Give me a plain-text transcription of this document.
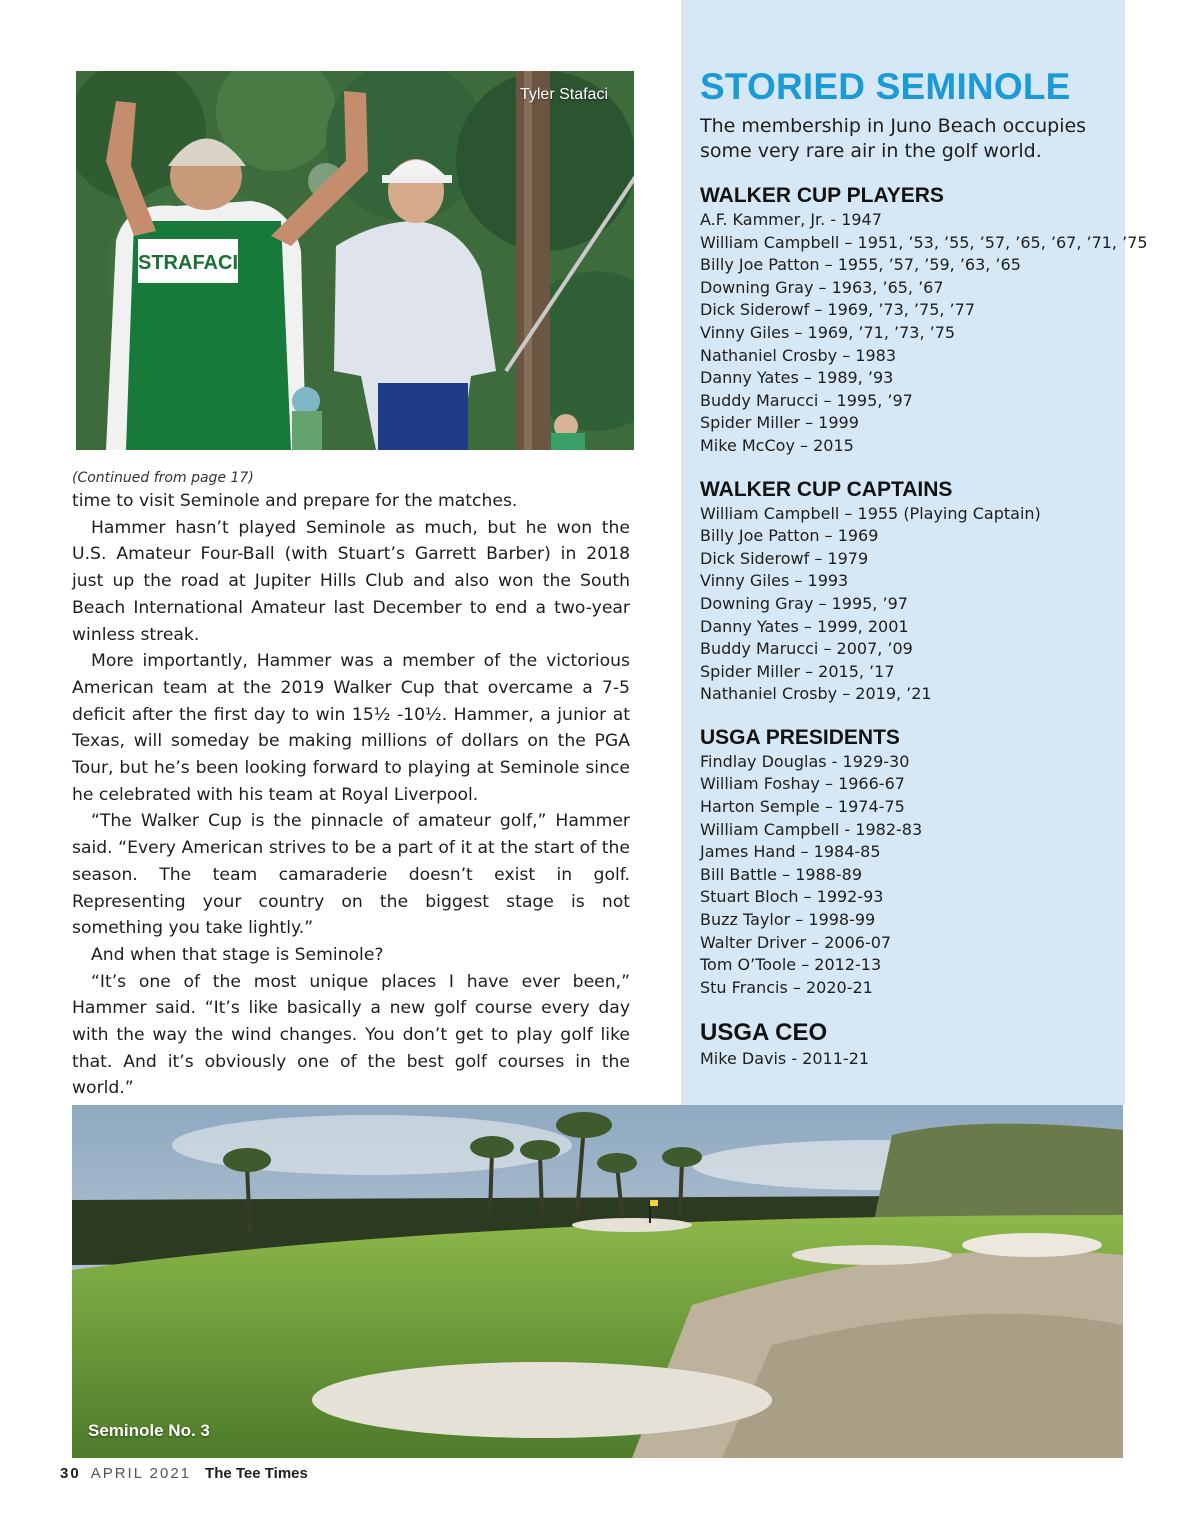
STORIED SEMINOLE

The membership in Juno Beach occupies some very rare air in the golf world.

WALKER CUP PLAYERS
A.F. Kammer, Jr. - 1947
William Campbell – 1951, ’53, ’55, ’57, ’65, ’67, ’71, ’75
Billy Joe Patton – 1955, ’57, ’59, ’63, ’65
Downing Gray – 1963, ’65, ’67
Dick Siderowf – 1969, ’73, ’75, ’77
Vinny Giles – 1969, ’71, ’73, ’75
Nathaniel Crosby – 1983
Danny Yates – 1989, ’93
Buddy Marucci – 1995, ’97
Spider Miller – 1999
Mike McCoy – 2015
WALKER CUP CAPTAINS
William Campbell – 1955 (Playing Captain)
Billy Joe Patton – 1969
Dick Siderowf – 1979
Vinny Giles – 1993
Downing Gray – 1995, ’97
Danny Yates – 1999, 2001
Buddy Marucci – 2007, ’09
Spider Miller – 2015, ’17
Nathaniel Crosby – 2019, ’21
USGA PRESIDENTS
Findlay Douglas - 1929-30
William Foshay – 1966-67
Harton Semple – 1974-75
William Campbell - 1982-83
James Hand – 1984-85
Bill Battle – 1988-89
Stuart Bloch – 1992-93
Buzz Taylor – 1998-99
Walter Driver – 2006-07
Tom O’Toole – 2012-13
Stu Francis – 2020-21
USGA CEO
Mike Davis - 2011-21
STRAFACI
Tyler Stafaci

(Continued from page 17)

time to visit Seminole and prepare for the matches.

Hammer hasn’t played Seminole as much, but he won the U.S. Amateur Four-Ball (with Stuart’s Garrett Barber) in 2018 just up the road at Jupiter Hills Club and also won the South Beach International Amateur last December to end a two-year winless streak.

More importantly, Hammer was a member of the victorious American team at the 2019 Walker Cup that overcame a 7-5 deficit after the first day to win 15½ -10½. Hammer, a junior at Texas, will someday be making millions of dollars on the PGA Tour, but he’s been looking forward to playing at Seminole since he celebrated with his team at Royal Liverpool.

“The Walker Cup is the pinnacle of amateur golf,” Hammer said. “Every American strives to be a part of it at the start of the season. The team camaraderie doesn’t exist in golf. Representing your country on the biggest stage is not something you take lightly.”

And when that stage is Seminole?

“It’s one of the most unique places I have ever been,” Hammer said. “It’s like basically a new golf course every day with the way the wind changes. You don’t get to play golf like that. And it’s obviously one of the best golf courses in the world.”

Seminole No. 3
30 APRIL 2021 The Tee Times
